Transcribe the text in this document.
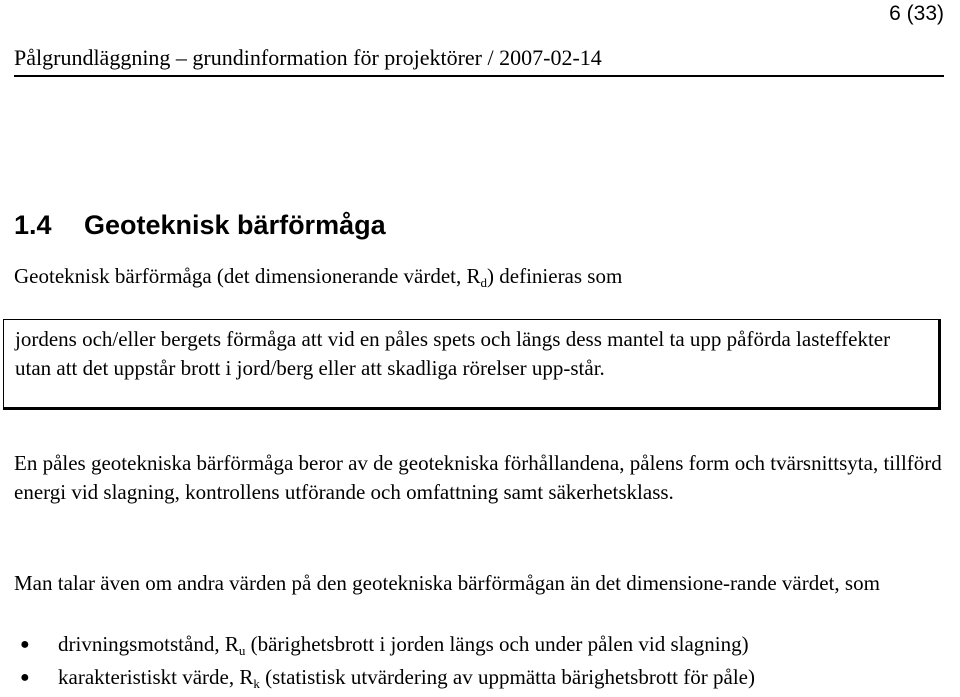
6 (33)
Pålgrundläggning – grundinformation för projektörer / 2007-02-14
1.4 Geoteknisk bärförmåga
Geoteknisk bärförmåga (det dimensionerande värdet, $R_d$) definieras som
jordens och/eller bergets förmåga att vid en påles spets och längs dess mantel ta upp påförda lasteffekter utan att det uppstår brott i jord/berg eller att skadliga rörelser upp-står.
En påles geotekniska bärförmåga beror av de geotekniska förhållandena, pålens form och tvärsnittsyta, tillförd energi vid slagning, kontrollens utförande och omfattning samt säkerhetsklass.
Man talar även om andra värden på den geotekniska bärförmågan än det dimensione-rande värdet, som
● drivningsmotstånd, $R_u$ (bärighetsbrott i jorden längs och under pålen vid slagning)
● karakteristiskt värde, $R_k$ (statistisk utvärdering av uppmätta bärighetsbrott för påle)
